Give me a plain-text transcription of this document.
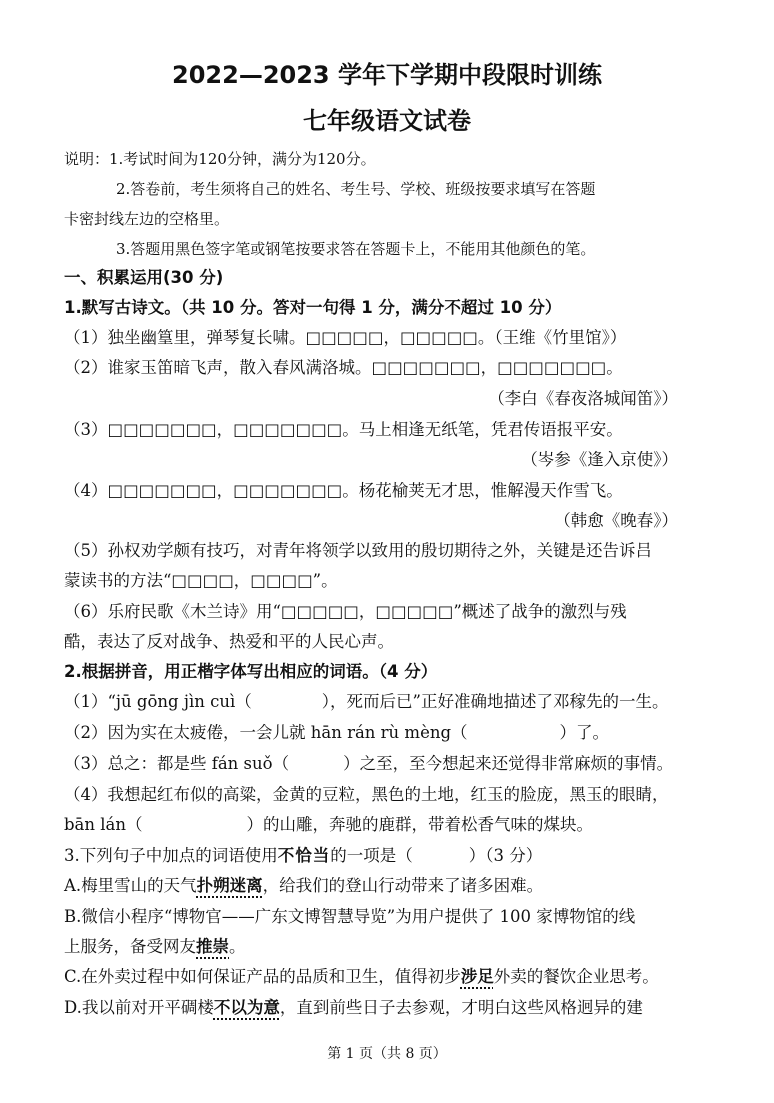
2022—2023 学年下学期中段限时训练
七年级语文试卷
说明：1.考试时间为120分钟，满分为120分。
2.答卷前，考生须将自己的姓名、考生号、学校、班级按要求填写在答题
卡密封线左边的空格里。
3.答题用黑色签字笔或钢笔按要求答在答题卡上，不能用其他颜色的笔。
一、积累运用(30 分)
1.默写古诗文。（共 10 分。答对一句得 1 分，满分不超过 10 分）
（1）独坐幽篁里，弹琴复长啸。□□□□□，□□□□□。（王维《竹里馆》）
（2）谁家玉笛暗飞声，散入春风满洛城。□□□□□□□，□□□□□□□。
（李白《春夜洛城闻笛》）
（3）□□□□□□□，□□□□□□□。马上相逢无纸笔，凭君传语报平安。
（岑参《逢入京使》）
（4）□□□□□□□，□□□□□□□。杨花榆荚无才思，惟解漫天作雪飞。
（韩愈《晚春》）
（5）孙权劝学颇有技巧，对青年将领学以致用的殷切期待之外，关键是还告诉吕
蒙读书的方法“□□□□，□□□□”。
（6）乐府民歌《木兰诗》用“□□□□□，□□□□□”概述了战争的激烈与残
酷，表达了反对战争、热爱和平的人民心声。
2.根据拼音，用正楷字体写出相应的词语。（4 分）
（1）“jū gōng jìn cuì（	），死而后已”正好准确地描述了邓稼先的一生。
（2）因为实在太疲倦，一会儿就 hān rán rù mèng（	）了。
（3）总之：都是些 fán suǒ（	）之至，至今想起来还觉得非常麻烦的事情。
（4）我想起红布似的高粱，金黄的豆粒，黑色的土地，红玉的脸庞，黑玉的眼睛，
bān lán（	）的山雕，奔驰的鹿群，带着松香气味的煤块。
3.下列句子中加点的词语使用不恰当的一项是（	）（3 分）
A.梅里雪山的天气扑朔迷离，给我们的登山行动带来了诸多困难。
B.微信小程序“博物官——广东文博智慧导览”为用户提供了 100 家博物馆的线
上服务，备受网友推崇。
C.在外卖过程中如何保证产品的品质和卫生，值得初步涉足外卖的餐饮企业思考。
D.我以前对开平碉楼不以为意，直到前些日子去参观，才明白这些风格迥异的建
第 1 页（共 8 页）
